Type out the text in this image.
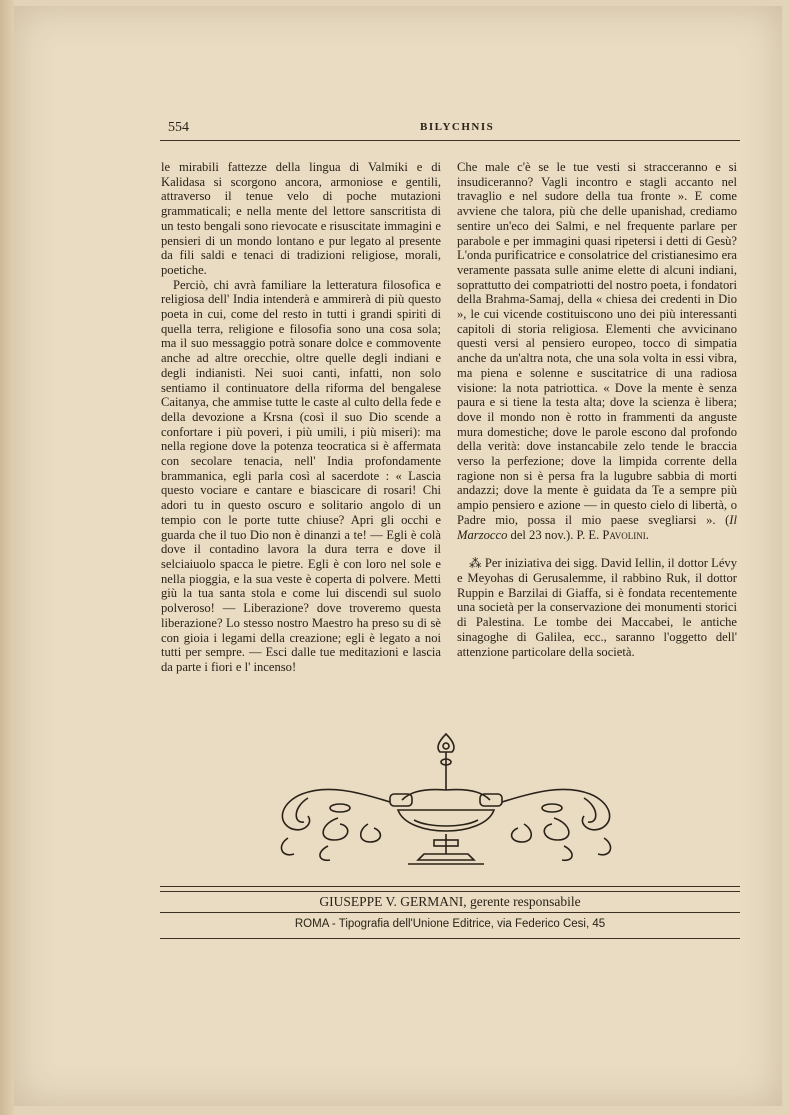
554	BILYCHNIS

le mirabili fattezze della lingua di Valmiki e di Kalidasa si scorgono ancora, armoniose e gentili, attraverso il tenue velo di poche mutazioni grammaticali; e nella mente del lettore sanscritista di un testo bengali sono rievocate e risuscitate immagini e pensieri di un mondo lontano e pur legato al presente da fili saldi e tenaci di tradizioni religiose, morali, poetiche.

Perciò, chi avrà familiare la letteratura filosofica e religiosa dell' India intenderà e ammirerà di più questo poeta in cui, come del resto in tutti i grandi spiriti di quella terra, religione e filosofia sono una cosa sola; ma il suo messaggio potrà sonare dolce e commovente anche ad altre orecchie, oltre quelle degli indiani e degli indianisti. Nei suoi canti, infatti, non solo sentiamo il continuatore della riforma del bengalese Caitanya, che ammise tutte le caste al culto della fede e della devozione a Krsna (così il suo Dio scende a confortare i più poveri, i più umili, i più miseri): ma nella regione dove la potenza teocratica si è affermata con secolare tenacia, nell' India profondamente brammanica, egli parla così al sacerdote : « Lascia questo vociare e cantare e biascicare di rosari! Chi adori tu in questo oscuro e solitario angolo di un tempio con le porte tutte chiuse? Apri gli occhi e guarda che il tuo Dio non è dinanzi a te! — Egli è colà dove il contadino lavora la dura terra e dove il selciaiuolo spacca le pietre. Egli è con loro nel sole e nella pioggia, e la sua veste è coperta di polvere. Metti giù la tua santa stola e come lui discendi sul suolo polveroso! — Liberazione? dove troveremo questa liberazione? Lo stesso nostro Maestro ha preso su di sè con gioia i legami della creazione; egli è legato a noi tutti per sempre. — Esci dalle tue meditazioni e lascia da parte i fiori e l' incenso!

Che male c'è se le tue vesti si stracceranno e si insudiceranno? Vagli incontro e stagli accanto nel travaglio e nel sudore della tua fronte ». E come avviene che talora, più che delle upanishad, crediamo sentire un'eco dei Salmi, e nel frequente parlare per parabole e per immagini quasi ripetersi i detti di Gesù? L'onda purificatrice e consolatrice del cristianesimo era veramente passata sulle anime elette di alcuni indiani, soprattutto dei compatriotti del nostro poeta, i fondatori della Brahma-Samaj, della « chiesa dei credenti in Dio », le cui vicende costituiscono uno dei più interessanti capitoli di storia religiosa. Elementi che avvicinano questi versi al pensiero europeo, tocco di simpatia anche da un'altra nota, che una sola volta in essi vibra, ma piena e solenne e suscitatrice di una radiosa visione: la nota patriottica. « Dove la mente è senza paura e si tiene la testa alta; dove la scienza è libera; dove il mondo non è rotto in frammenti da anguste mura domestiche; dove le parole escono dal profondo della verità: dove instancabile zelo tende le braccia verso la perfezione; dove la limpida corrente della ragione non si è persa fra la lugubre sabbia di morti andazzi; dove la mente è guidata da Te a sempre più ampio pensiero e azione — in questo cielo di libertà, o Padre mio, possa il mio paese svegliarsi ». (Il Marzocco del 23 nov.). P. E. Pavolini.

⁂ Per iniziativa dei sigg. David Iellin, il dottor Lévy e Meyohas di Gerusalemme, il rabbino Ruk, il dottor Ruppin e Barzilai di Giaffa, si è fondata recentemente una società per la conservazione dei monumenti storici di Palestina. Le tombe dei Maccabei, le antiche sinagoghe di Galilea, ecc., saranno l'oggetto dell' attenzione particolare della società.

GIUSEPPE V. GERMANI, gerente responsabile
ROMA - Tipografia dell'Unione Editrice, via Federico Cesi, 45
